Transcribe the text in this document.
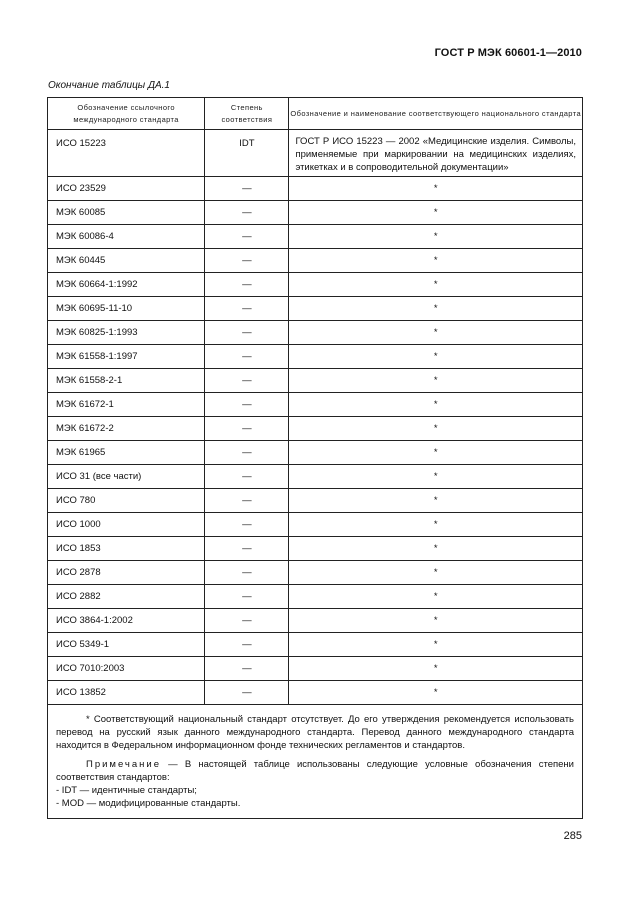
ГОСТ Р МЭК 60601-1—2010
Окончание таблицы ДА.1
Обозначение ссылочного международного стандарта	Степень соответствия	Обозначение и наименование соответствующего национального стандарта
ИСО 15223	IDT	ГОСТ Р ИСО 15223 — 2002 «Медицинские изделия. Символы, применяемые при маркировании на медицинских изделиях, этикетках и в сопроводительной документации»
ИСО 23529	—	*
МЭК 60085	—	*
МЭК 60086-4	—	*
МЭК 60445	—	*
МЭК 60664-1:1992	—	*
МЭК 60695-11-10	—	*
МЭК 60825-1:1993	—	*
МЭК 61558-1:1997	—	*
МЭК 61558-2-1	—	*
МЭК 61672-1	—	*
МЭК 61672-2	—	*
МЭК 61965	—	*
ИСО 31 (все части)	—	*
ИСО 780	—	*
ИСО 1000	—	*
ИСО 1853	—	*
ИСО 2878	—	*
ИСО 2882	—	*
ИСО 3864-1:2002	—	*
ИСО 5349-1	—	*
ИСО 7010:2003	—	*
ИСО 13852	—	*

* Соответствующий национальный стандарт отсутствует. До его утверждения рекомендуется использовать перевод на русский язык данного международного стандарта. Перевод данного международного стандарта находится в Федеральном информационном фонде технических регламентов и стандартов.

Примечание — В настоящей таблице использованы следующие условные обозначения степени соответствия стандартов:

- IDT — идентичные стандарты;

- MOD — модифицированные стандарты.		

285
